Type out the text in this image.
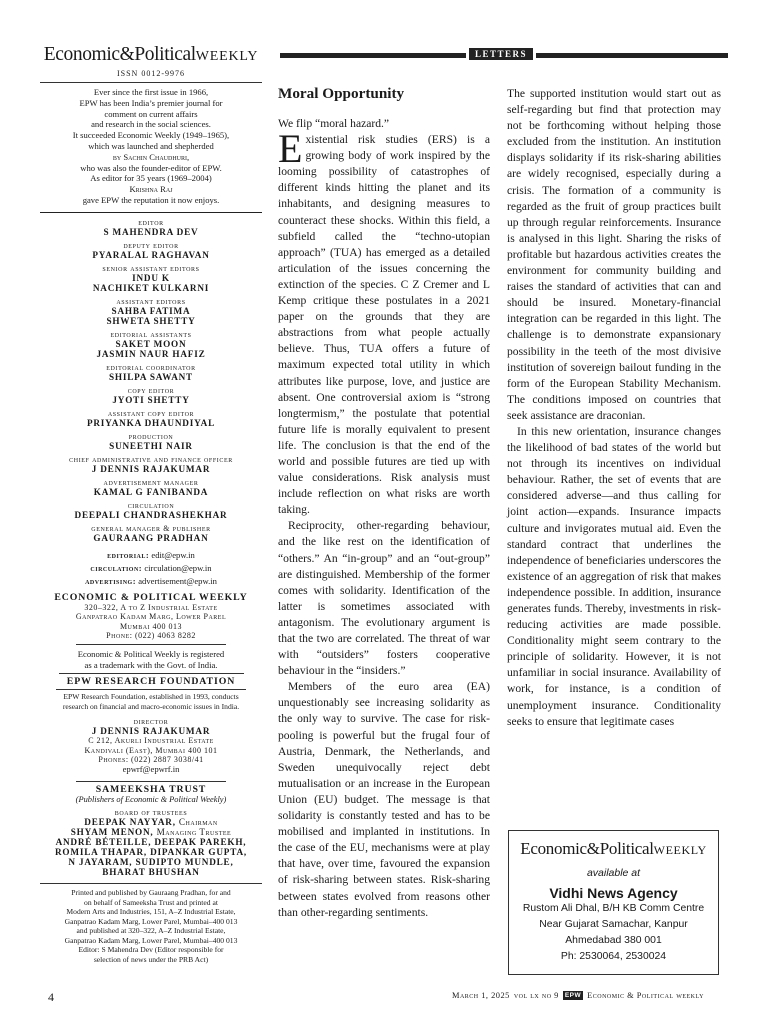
Economic&PoliticalWEEKLY
ISSN 0012-9976

Ever since the first issue in 1966,

EPW has been India’s premier journal for

comment on current affairs

and research in the social sciences.

It succeeded Economic Weekly (1949–1965),

which was launched and shepherded

by Sachin Chaudhuri,

who was also the founder-editor of EPW.

As editor for 35 years (1969–2004)

Krishna Raj

gave EPW the reputation it now enjoys.

editor
S MAHENDRA DEV
deputy editor
PYARALAL RAGHAVAN
senior assistant editors
INDU K
NACHIKET KULKARNI
assistant editors
SAHBA FATIMA
SHWETA SHETTY
editorial assistants
SAKET MOON
JASMIN NAUR HAFIZ
editorial coordinator
SHILPA SAWANT
copy editor
JYOTI SHETTY
assistant copy editor
PRIYANKA DHAUNDIYAL
production
SUNEETHI NAIR
chief administrative and finance officer
J DENNIS RAJAKUMAR
advertisement manager
KAMAL G FANIBANDA
circulation
DEEPALI CHANDRASHEKHAR
general manager & publisher
GAURAANG PRADHAN
editorial: edit@epw.in
circulation: circulation@epw.in
advertising: advertisement@epw.in
ECONOMIC & POLITICAL WEEKLY
320–322, A to Z Industrial Estate
Ganpatrao Kadam Marg, Lower Parel
Mumbai 400 013
Phone: (022) 4063 8282
Economic & Political Weekly is registered
as a trademark with the Govt. of India.
EPW RESEARCH FOUNDATION
EPW Research Foundation, established in 1993, conducts
research on financial and macro-economic issues in India.
director
J DENNIS RAJAKUMAR
C 212, Akurli Industrial Estate
Kandivali (East), Mumbai 400 101
Phones: (022) 2887 3038/41
epwrf@epwrf.in
SAMEEKSHA TRUST
(Publishers of Economic & Political Weekly)
board of trustees
DEEPAK NAYYAR, Chairman
SHYAM MENON, Managing Trustee
ANDRÉ BÉTEILLE, DEEPAK PAREKH,
ROMILA THAPAR, DIPANKAR GUPTA,
N JAYARAM, SUDIPTO MUNDLE,
BHARAT BHUSHAN
Printed and published by Gauraang Pradhan, for and
on behalf of Sameeksha Trust and printed at
Modern Arts and Industries, 151, A–Z Industrial Estate,
Ganpatrao Kadam Marg, Lower Parel, Mumbai–400 013
and published at 320–322, A–Z Industrial Estate,
Ganpatrao Kadam Marg, Lower Parel, Mumbai–400 013
Editor: S Mahendra Dev (Editor responsible for
selection of news under the PRB Act)
LETTERS
Moral Opportunity

We flip “moral hazard.”

Existential risk studies (ERS) is a growing body of work inspired by the looming possibility of catastrophes of different kinds hitting the planet and its inhabitants, and designing measures to counteract these shocks. Within this field, a subfield called the “techno-utopian approach” (TUA) has emerged as a detailed articulation of the issues concerning the extinction of the species. C Z Cremer and L Kemp critique these postulates in a 2021 paper on the grounds that they are abstractions from what people actually believe. Thus, TUA offers a future of maximum expected total utility in which attributes like purpose, love, and justice are absent. One controversial axiom is “strong longtermism,” the postulate that potential future life is morally equivalent to present life. The conclusion is that the end of the world and possible futures are tied up with value considerations. Risk analysis must include reflection on what risks are worth taking.

Reciprocity, other-regarding behaviour, and the like rest on the identification of “others.” An “in-group” and an “out-group” are distinguished. Membership of the former comes with solidarity. Identification of the latter is sometimes associated with antagonism. The evolutionary argument is that the two are correlated. The threat of war with “outsiders” fosters cooperative behaviour in the “insiders.”

Members of the euro area (EA) unquestionably see increasing solidarity as the only way to survive. The case for risk-pooling is powerful but the frugal four of Austria, Denmark, the Netherlands, and Sweden unequivocally reject debt mutualisation or an increase in the European Union (EU) budget. The message is that solidarity is constantly tested and has to be mobilised and implanted in institutions. In the case of the EU, mechanisms were at play that have, over time, favoured the expansion of risk-sharing between states. Risk-sharing between states evolved from reasons other than other-regarding sentiments.

The supported institution would start out as self-regarding but find that protection may not be forthcoming without helping those excluded from the institution. An institution displays solidarity if its risk-sharing abilities are widely recognised, especially during a crisis. The formation of a community is regarded as the fruit of group practices built up through regular reinforcements. Insurance is analysed in this light. Sharing the risks of profitable but hazardous activities creates the environment for community building and raises the standard of activities that can and should be insured. Monetary-financial integration can be regarded in this light. The challenge is to demonstrate expansionary possibility in the teeth of the most divisive institution of sovereign bailout funding in the form of the European Stability Mechanism. The conditions imposed on countries that seek assistance are draconian.

In this new orientation, insurance changes the likelihood of bad states of the world but not through its incentives on individual behaviour. Rather, the set of events that are considered adverse—and thus calling for joint action—expands. Insurance impacts culture and invigorates mutual aid. Even the standard contract that underlines the independence of beneficiaries underscores the existence of an aggregation of risk that makes independence possible. In addition, insurance generates funds. Thereby, investments in risk-reducing activities are made possible. Conditionality might seem contrary to the principle of solidarity. However, it is not unfamiliar in social insurance. Availability of work, for instance, is a condition of unemployment insurance. Conditionality seeks to ensure that legitimate cases

Economic&PoliticalWEEKLY
available at
Vidhi News Agency
Rustom Ali Dhal, B/H KB Comm Centre
Near Gujarat Samachar, Kanpur
Ahmedabad 380 001
Ph: 2530064, 2530024
4	March 1, 2025 vol lx no 9 EPW Economic & Political weekly
